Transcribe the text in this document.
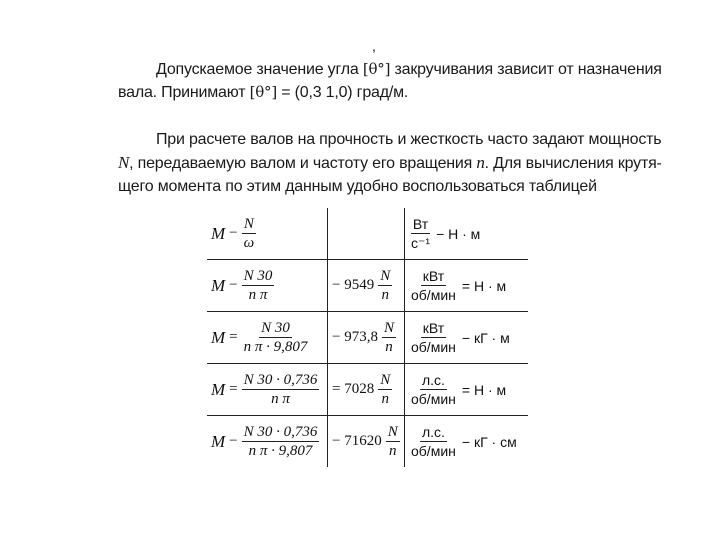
,
Допускаемое значение угла [θ°] закручивания зависит от назначения
вала. Принимают [θ°] = (0,3 1,0) град/м.
При расчете валов на прочность и жесткость часто задают мощность
N, передаваемую валом и частоту его вращения n. Для вычисления крутя-
щего момента по этим данным удобно воспользоваться таблицей
$M - \frac{N}{\omega}$		$\frac{Вт}{\text{с⁻¹}} - Н \cdot м$

$M - \frac{N 30}{\text{n π}}$	− $9549 \frac{N}{n}$	$\frac{\text{кВт}}{\text{об/мин}} = Н \cdot м$

$M = \frac{N 30}{\text{n π · 9,807}}$	− $973,8 \frac{N}{n}$	$\frac{\text{кВт}}{\text{об/мин}}$ − кГ · м

$M = \frac{N 30 \cdot 0,736}{\text{n π}}$	= $7028 \frac{N}{n}$	$\frac{л.с.}{\text{об/мин}} = Н \cdot м$

$M - \frac{N 30 \cdot 0,736}{\text{n π · 9,807}}$	− $71620 \frac{N}{n}$	$\frac{л.с.}{\text{об/мин}}$ − кГ · см
